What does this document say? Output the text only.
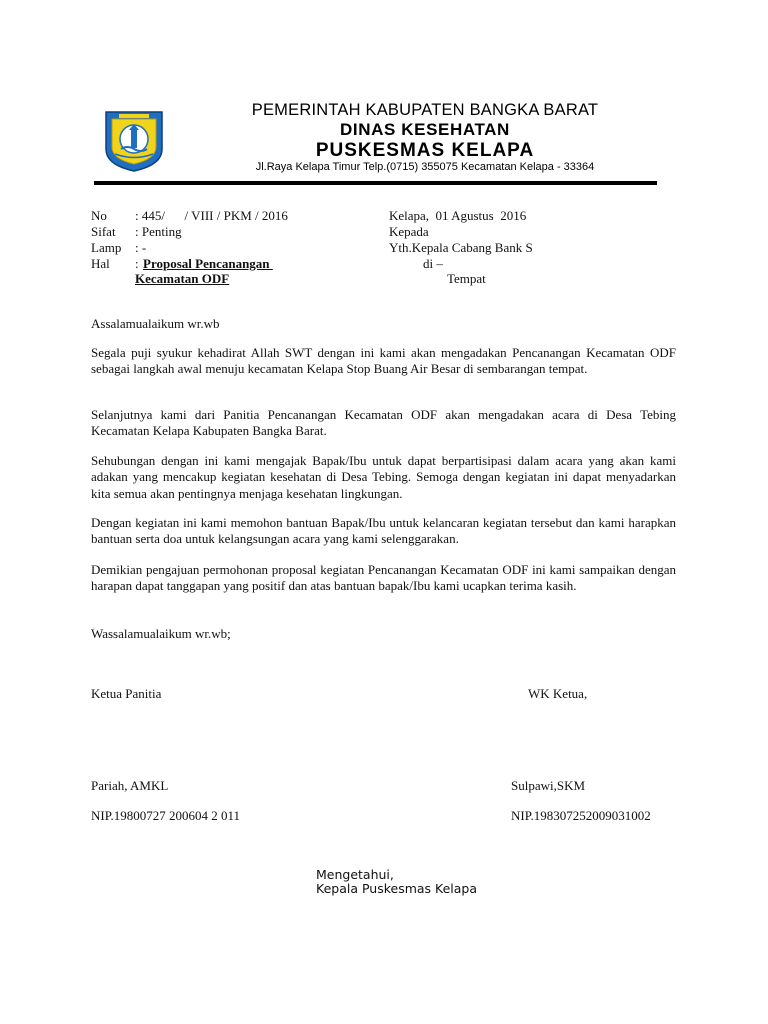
PEMERINTAH KABUPATEN BANGKA BARAT
DINAS KESEHATAN
PUSKESMAS KELAPA
Jl.Raya Kelapa Timur Telp.(0715) 355075 Kecamatan Kelapa - 33364
No : 445/      / VIII / PKM / 2016
Sifat : Penting
Lamp : -
Hal : Proposal Pencanangan
Kecamatan ODF
Kelapa,  01 Agustus  2016
Kepada
Yth.Kepala Cabang Bank S
di –
Tempat
Assalamualaikum wr.wb
Segala puji syukur kehadirat Allah SWT dengan ini kami akan mengadakan Pencanangan Kecamatan ODF sebagai langkah awal menuju kecamatan Kelapa Stop Buang Air Besar di sembarangan tempat.
Selanjutnya kami dari Panitia Pencanangan Kecamatan ODF akan mengadakan acara di Desa Tebing Kecamatan Kelapa Kabupaten Bangka Barat.
Sehubungan dengan ini kami mengajak Bapak/Ibu untuk dapat berpartisipasi dalam acara yang akan kami adakan yang mencakup kegiatan kesehatan di Desa Tebing. Semoga dengan kegiatan ini dapat menyadarkan kita semua akan pentingnya menjaga kesehatan lingkungan.
Dengan kegiatan ini kami memohon bantuan Bapak/Ibu untuk kelancaran kegiatan tersebut dan kami harapkan bantuan serta doa untuk kelangsungan acara yang kami selenggarakan.
Demikian pengajuan permohonan proposal kegiatan Pencanangan Kecamatan ODF ini kami sampaikan dengan harapan dapat tanggapan yang positif dan atas bantuan bapak/Ibu kami ucapkan terima kasih.
Wassalamualaikum wr.wb;
Ketua Panitia	WK Ketua,
Pariah, AMKL	Sulpawi,SKM
NIP.19800727 200604 2 011	NIP.198307252009031002
Mengetahui,
Kepala Puskesmas Kelapa
